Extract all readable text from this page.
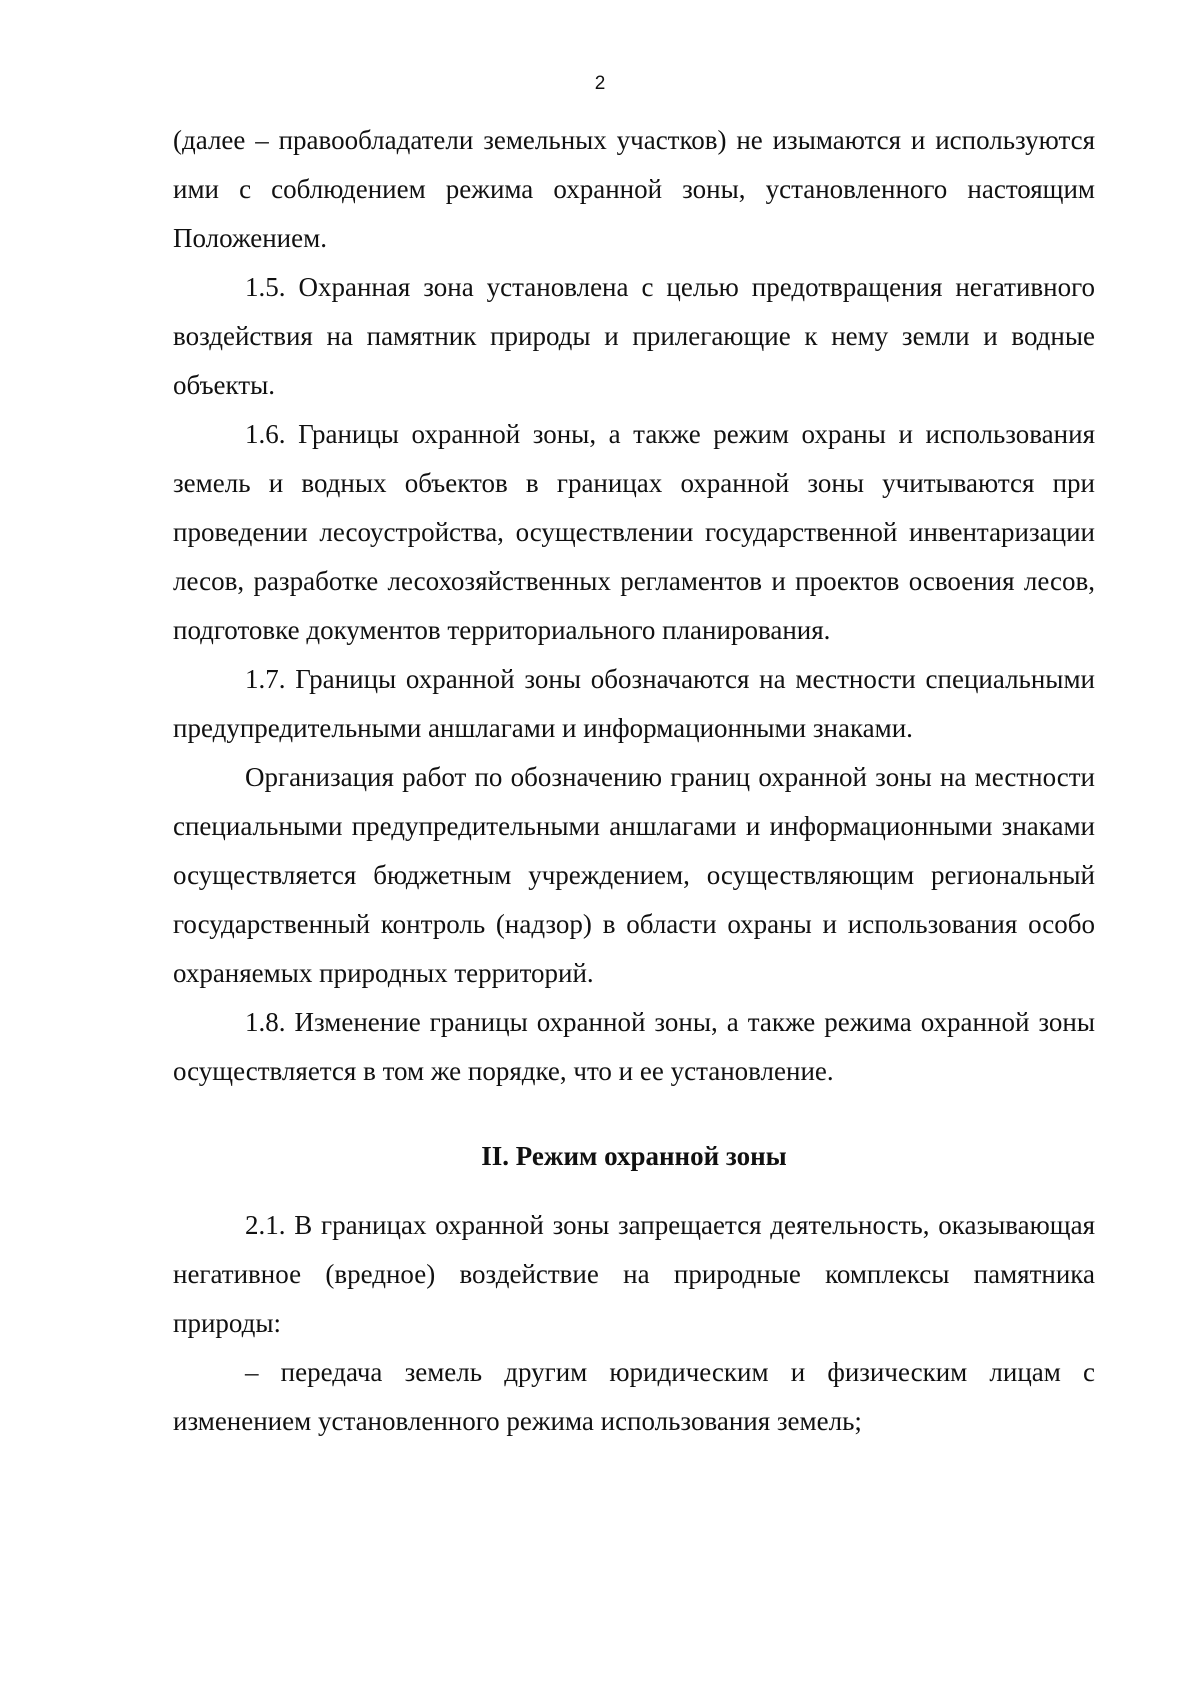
2

(далее – правообладатели земельных участков) не изымаются и используются ими с соблюдением режима охранной зоны, установленного настоящим Положением.

1.5. Охранная зона установлена с целью предотвращения негативного воздействия на памятник природы и прилегающие к нему земли и водные объекты.

1.6. Границы охранной зоны, а также режим охраны и использования земель и водных объектов в границах охранной зоны учитываются при проведении лесоустройства, осуществлении государственной инвентаризации лесов, разработке лесохозяйственных регламентов и проектов освоения лесов, подготовке документов территориального планирования.

1.7. Границы охранной зоны обозначаются на местности специальными предупредительными аншлагами и информационными знаками.

Организация работ по обозначению границ охранной зоны на местности специальными предупредительными аншлагами и информационными знаками осуществляется бюджетным учреждением, осуществляющим региональный государственный контроль (надзор) в области охраны и использования особо охраняемых природных территорий.

1.8. Изменение границы охранной зоны, а также режима охранной зоны осуществляется в том же порядке, что и ее установление.

II. Режим охранной зоны

2.1. В границах охранной зоны запрещается деятельность, оказывающая негативное (вредное) воздействие на природные комплексы памятника природы:

– передача земель другим юридическим и физическим лицам с изменением установленного режима использования земель;
